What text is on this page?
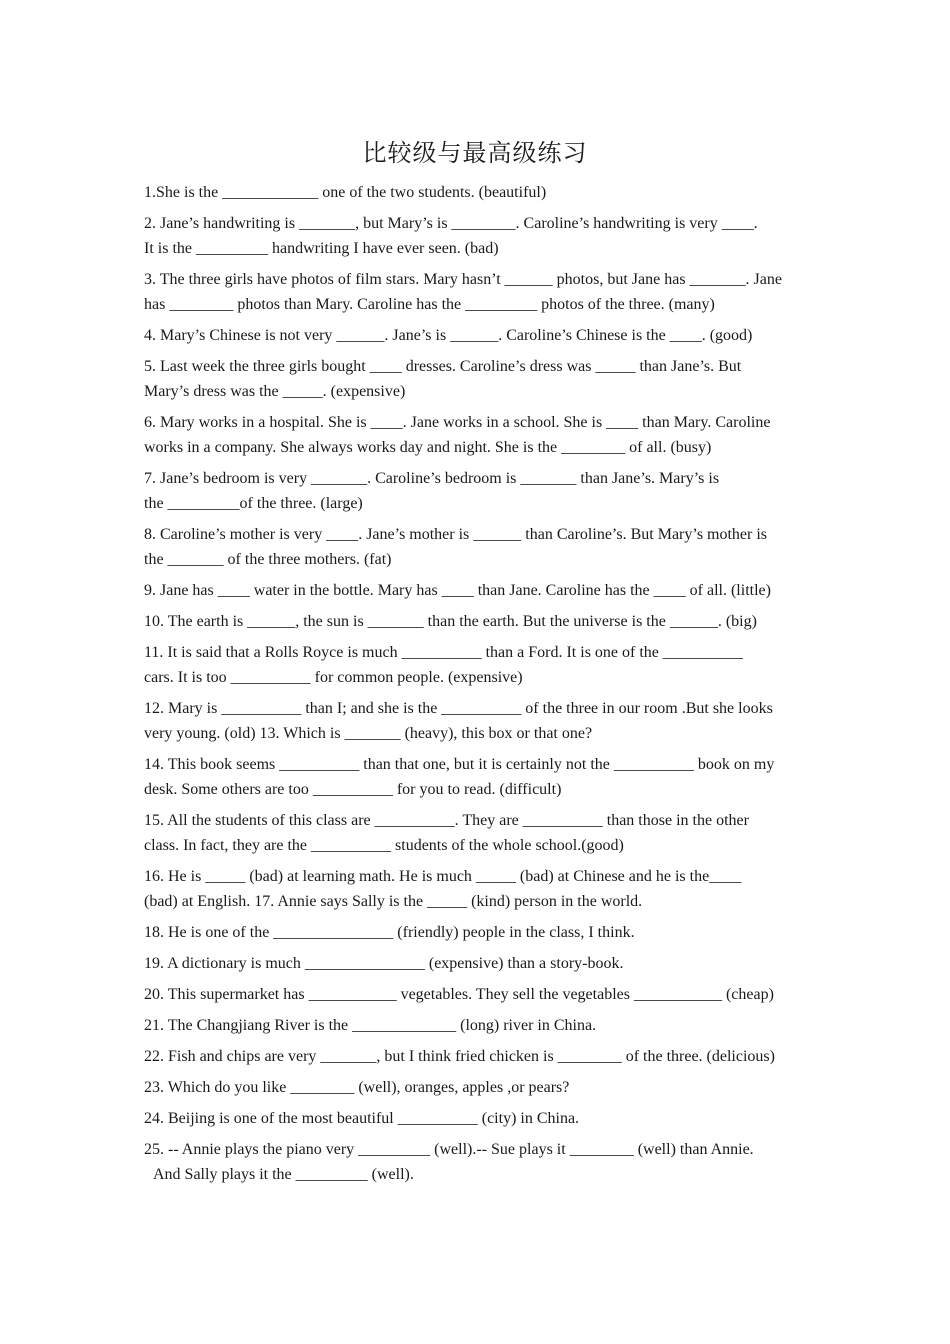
比较级与最高级练习
1.She is the ____________ one of the two students. (beautiful)
2. Jane’s handwriting is _______, but Mary’s is ________. Caroline’s handwriting is very ____.
It is the _________ handwriting I have ever seen. (bad)
3. The three girls have photos of film stars. Mary hasn’t ______ photos, but Jane has _______. Jane
has ________ photos than Mary. Caroline has the _________ photos of the three. (many)
4. Mary’s Chinese is not very ______. Jane’s is ______. Caroline’s Chinese is the ____. (good)
5. Last week the three girls bought ____ dresses. Caroline’s dress was _____ than Jane’s. But
Mary’s dress was the _____. (expensive)
6. Mary works in a hospital. She is ____. Jane works in a school. She is ____ than Mary. Caroline
works in a company. She always works day and night. She is the ________ of all. (busy)
7. Jane’s bedroom is very _______. Caroline’s bedroom is _______ than Jane’s. Mary’s is
the _________of the three. (large)
8. Caroline’s mother is very ____. Jane’s mother is ______ than Caroline’s. But Mary’s mother is
the _______ of the three mothers. (fat)
9. Jane has ____ water in the bottle. Mary has ____ than Jane. Caroline has the ____ of all. (little)
10. The earth is ______, the sun is _______ than the earth. But the universe is the ______. (big)
11. It is said that a Rolls Royce is much __________ than a Ford. It is one of the __________
cars. It is too __________ for common people. (expensive)
12. Mary is __________ than I; and she is the __________ of the three in our room .But she looks
very young. (old) 13. Which is _______ (heavy), this box or that one?
14. This book seems __________ than that one, but it is certainly not the __________ book on my
desk. Some others are too __________ for you to read. (difficult)
15. All the students of this class are __________. They are __________ than those in the other
class. In fact, they are the __________ students of the whole school.(good)
16. He is _____ (bad) at learning math. He is much _____ (bad) at Chinese and he is the____
(bad) at English. 17. Annie says Sally is the _____ (kind) person in the world.
18. He is one of the _______________ (friendly) people in the class, I think.
19. A dictionary is much _______________ (expensive) than a story-book.
20. This supermarket has ___________ vegetables. They sell the vegetables ___________ (cheap)
21. The Changjiang River is the _____________ (long) river in China.
22. Fish and chips are very _______, but I think fried chicken is ________ of the three. (delicious)
23. Which do you like ________ (well), oranges, apples ,or pears?
24. Beijing is one of the most beautiful __________ (city) in China.
25. -- Annie plays the piano very _________ (well).-- Sue plays it ________ (well) than Annie.
And Sally plays it the _________ (well).
